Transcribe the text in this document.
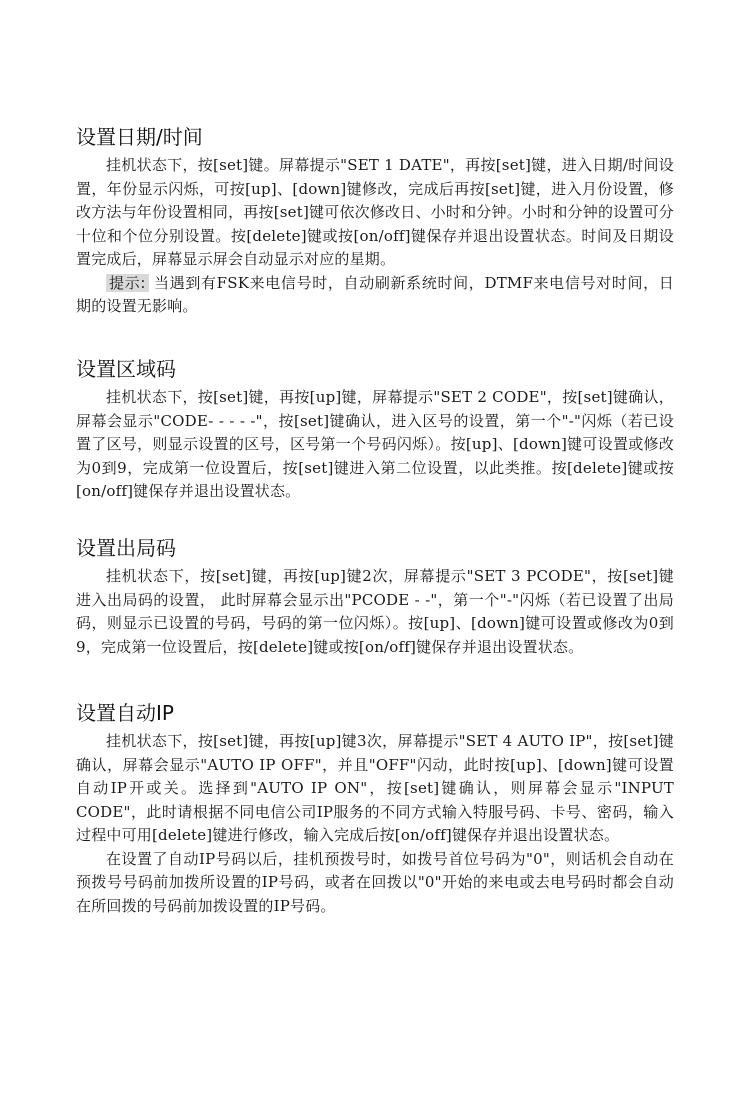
设置日期/时间

挂机状态下，按[set]键。屏幕提示"SET 1 DATE"，再按[set]键，进入日期/时间设置，年份显示闪烁，可按[up]、[down]键修改，完成后再按[set]键，进入月份设置，修改方法与年份设置相同，再按[set]键可依次修改日、小时和分钟。小时和分钟的设置可分十位和个位分别设置。按[delete]键或按[on/off]键保存并退出设置状态。时间及日期设置完成后，屏幕显示屏会自动显示对应的星期。

提示: 当遇到有FSK来电信号时，自动刷新系统时间，DTMF来电信号对时间，日期的设置无影响。

设置区域码

挂机状态下，按[set]键，再按[up]键，屏幕提示"SET 2 CODE"，按[set]键确认，屏幕会显示"CODE- - - - -"，按[set]键确认，进入区号的设置，第一个"-"闪烁（若已设置了区号，则显示设置的区号，区号第一个号码闪烁）。按[up]、[down]键可设置或修改为0到9，完成第一位设置后，按[set]键进入第二位设置，以此类推。按[delete]键或按[on/off]键保存并退出设置状态。

设置出局码

挂机状态下，按[set]键，再按[up]键2次，屏幕提示"SET 3 PCODE"，按[set]键进入出局码的设置， 此时屏幕会显示出"PCODE - -"，第一个"-"闪烁（若已设置了出局码，则显示已设置的号码，号码的第一位闪烁）。按[up]、[down]键可设置或修改为0到9，完成第一位设置后，按[delete]键或按[on/off]键保存并退出设置状态。

设置自动IP

挂机状态下，按[set]键，再按[up]键3次，屏幕提示"SET 4 AUTO IP"，按[set]键确认，屏幕会显示"AUTO IP OFF"，并且"OFF"闪动，此时按[up]、[down]键可设置自动IP开或关。选择到"AUTO IP ON"，按[set]键确认，则屏幕会显示"INPUT CODE"，此时请根据不同电信公司IP服务的不同方式输入特服号码、卡号、密码，输入过程中可用[delete]键进行修改，输入完成后按[on/off]键保存并退出设置状态。

在设置了自动IP号码以后，挂机预拨号时，如拨号首位号码为"0"，则话机会自动在预拨号号码前加拨所设置的IP号码，或者在回拨以"0"开始的来电或去电号码时都会自动在所回拨的号码前加拨设置的IP号码。
